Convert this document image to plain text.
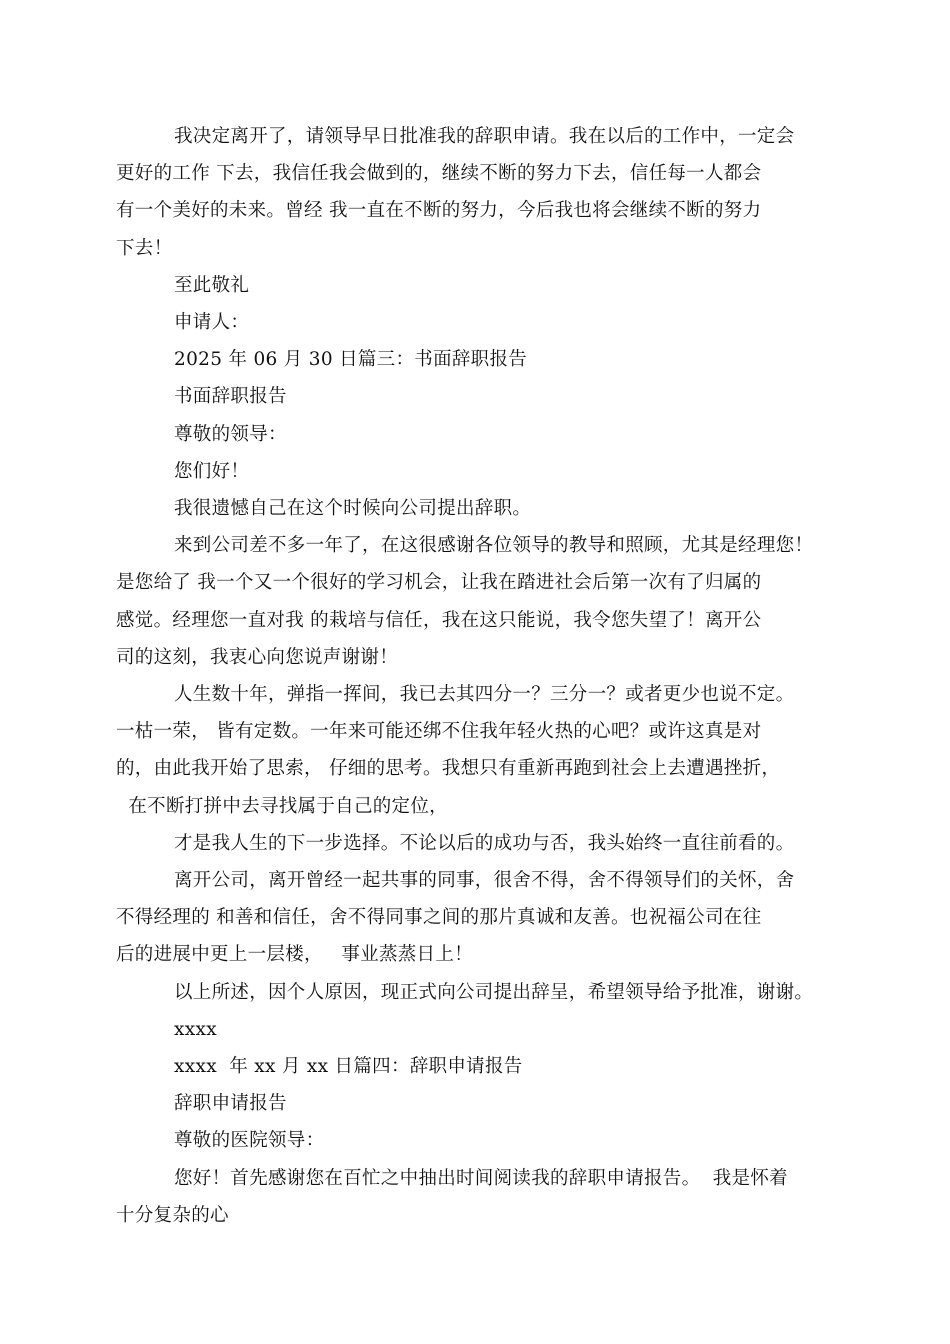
我决定离开了，请领导早日批准我的辞职申请。我在以后的工作中，一定会
更好的工作 下去，我信任我会做到的，继续不断的努力下去，信任每一人都会
有一个美好的未来。曾经 我一直在不断的努力，今后我也将会继续不断的努力
下去！

至此敬礼

申请人：

2025 年 06 月 30 日篇三：书面辞职报告

书面辞职报告

尊敬的领导：

您们好！

我很遗憾自己在这个时候向公司提出辞职。

来到公司差不多一年了，在这很感谢各位领导的教导和照顾，尤其是经理您！
是您给了 我一个又一个很好的学习机会，让我在踏进社会后第一次有了归属的
感觉。经理您一直对我 的栽培与信任，我在这只能说，我令您失望了！离开公
司的这刻，我衷心向您说声谢谢！

人生数十年，弹指一挥间，我已去其四分一？三分一？或者更少也说不定。
一枯一荣， 皆有定数。一年来可能还绑不住我年轻火热的心吧？或许这真是对
的，由此我开始了思索， 仔细的思考。我想只有重新再跑到社会上去遭遇挫折，
在不断打拼中去寻找属于自己的定位，

才是我人生的下一步选择。不论以后的成功与否，我头始终一直往前看的。

离开公司，离开曾经一起共事的同事，很舍不得，舍不得领导们的关怀，舍
不得经理的 和善和信任，舍不得同事之间的那片真诚和友善。也祝福公司在往
后的进展中更上一层楼，   事业蒸蒸日上！

以上所述，因个人原因，现正式向公司提出辞呈，希望领导给予批准，谢谢。

xxxx

xxxx  年 xx 月 xx 日篇四：辞职申请报告

辞职申请报告

尊敬的医院领导：

您好！首先感谢您在百忙之中抽出时间阅读我的辞职申请报告。  我是怀着
十分复杂的心
